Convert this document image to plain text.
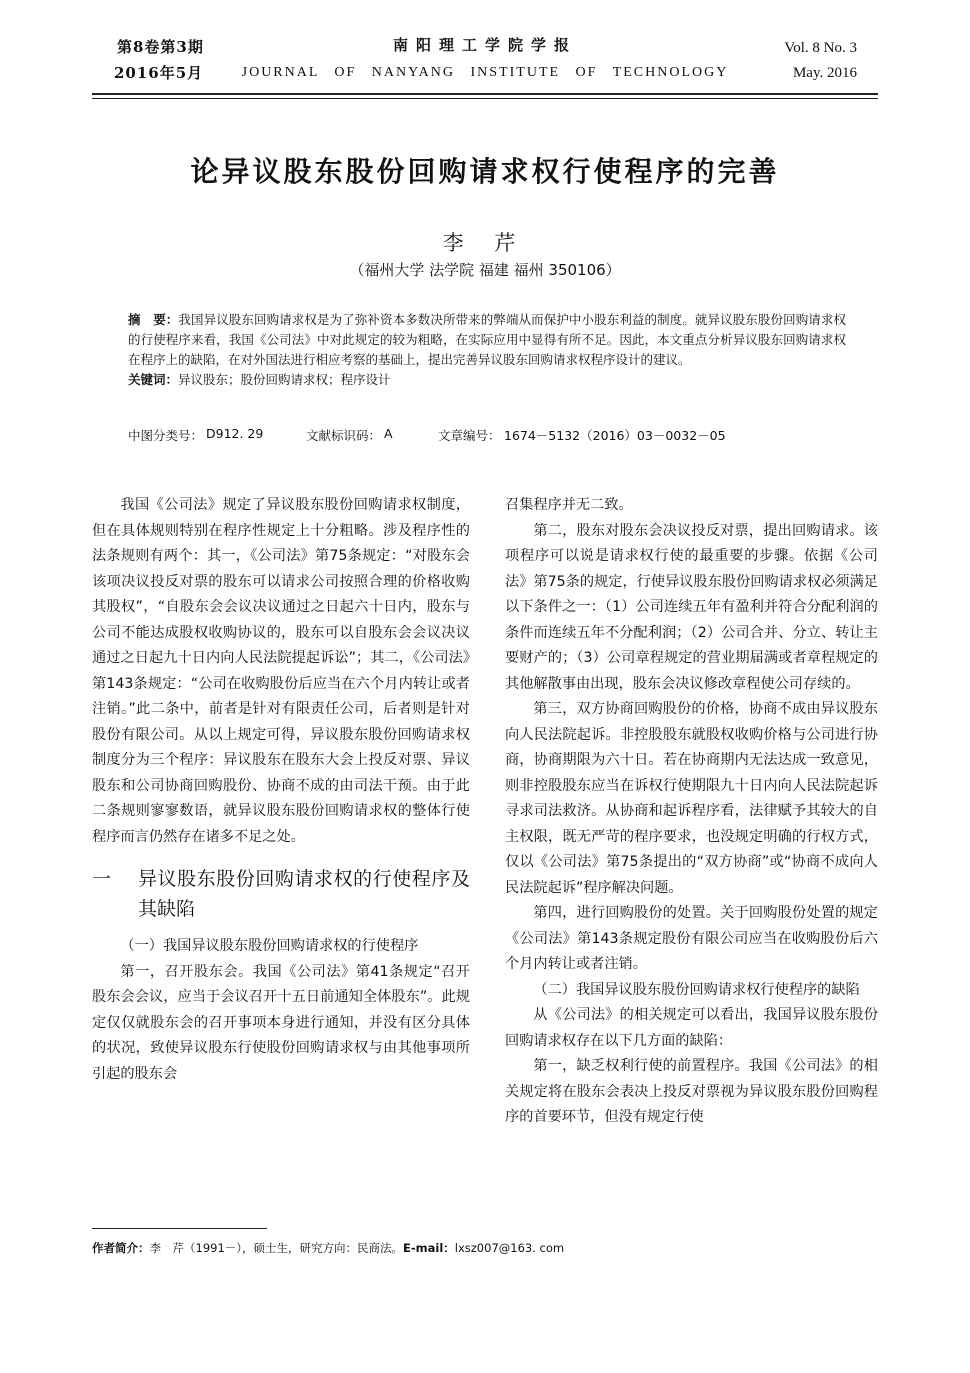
第8卷第3期
2016年5月
南阳理工学院学报
JOURNAL OF NANYANG INSTITUTE OF TECHNOLOGY
Vol. 8 No. 3
May. 2016
论异议股东股份回购请求权行使程序的完善
李 芹
（福州大学 法学院 福建 福州 350106）
摘　要：我国异议股东回购请求权是为了弥补资本多数决所带来的弊端从而保护中小股东利益的制度。就异议股东股份回购请求权的行使程序来看，我国《公司法》中对此规定的较为粗略，在实际应用中显得有所不足。因此，本文重点分析异议股东回购请求权在程序上的缺陷，在对外国法进行相应考察的基础上，提出完善异议股东回购请求权程序设计的建议。
关键词：异议股东；股份回购请求权；程序设计
中图分类号： D912. 29	文献标识码： A	文章编号： 1674－5132（2016）03－0032－05

我国《公司法》规定了异议股东股份回购请求权制度，但在具体规则特别在程序性规定上十分粗略。涉及程序性的法条规则有两个：其一，《公司法》第75条规定：“对股东会该项决议投反对票的股东可以请求公司按照合理的价格收购其股权”，“自股东会会议决议通过之日起六十日内，股东与公司不能达成股权收购协议的，股东可以自股东会会议决议通过之日起九十日内向人民法院提起诉讼”；其二，《公司法》第143条规定：“公司在收购股份后应当在六个月内转让或者注销。”此二条中，前者是针对有限责任公司，后者则是针对股份有限公司。从以上规定可得，异议股东股份回购请求权制度分为三个程序：异议股东在股东大会上投反对票、异议股东和公司协商回购股份、协商不成的由司法干预。由于此二条规则寥寥数语，就异议股东股份回购请求权的整体行使程序而言仍然存在诸多不足之处。

一	异议股东股份回购请求权的行使程序及其缺陷

（一）我国异议股东股份回购请求权的行使程序

第一，召开股东会。我国《公司法》第41条规定“召开股东会会议，应当于会议召开十五日前通知全体股东”。此规定仅仅就股东会的召开事项本身进行通知，并没有区分具体的状况，致使异议股东行使股份回购请求权与由其他事项所引起的股东会

召集程序并无二致。

第二，股东对股东会决议投反对票，提出回购请求。该项程序可以说是请求权行使的最重要的步骤。依据《公司法》第75条的规定，行使异议股东股份回购请求权必须满足以下条件之一：（1）公司连续五年有盈利并符合分配利润的条件而连续五年不分配利润；（2）公司合并、分立、转让主要财产的；（3）公司章程规定的营业期届满或者章程规定的其他解散事由出现，股东会决议修改章程使公司存续的。

第三，双方协商回购股份的价格，协商不成由异议股东向人民法院起诉。非控股股东就股权收购价格与公司进行协商，协商期限为六十日。若在协商期内无法达成一致意见，则非控股股东应当在诉权行使期限九十日内向人民法院起诉寻求司法救济。从协商和起诉程序看，法律赋予其较大的自主权限，既无严苛的程序要求，也没规定明确的行权方式，仅以《公司法》第75条提出的“双方协商”或“协商不成向人民法院起诉”程序解决问题。

第四，进行回购股份的处置。关于回购股份处置的规定《公司法》第143条规定股份有限公司应当在收购股份后六个月内转让或者注销。

（二）我国异议股东股份回购请求权行使程序的缺陷

从《公司法》的相关规定可以看出，我国异议股东股份回购请求权存在以下几方面的缺陷：

第一，缺乏权利行使的前置程序。我国《公司法》的相关规定将在股东会表决上投反对票视为异议股东股份回购程序的首要环节，但没有规定行使

作者简介：李　芹（1991－），硕士生，研究方向：民商法。E-mail：lxsz007@163. com
